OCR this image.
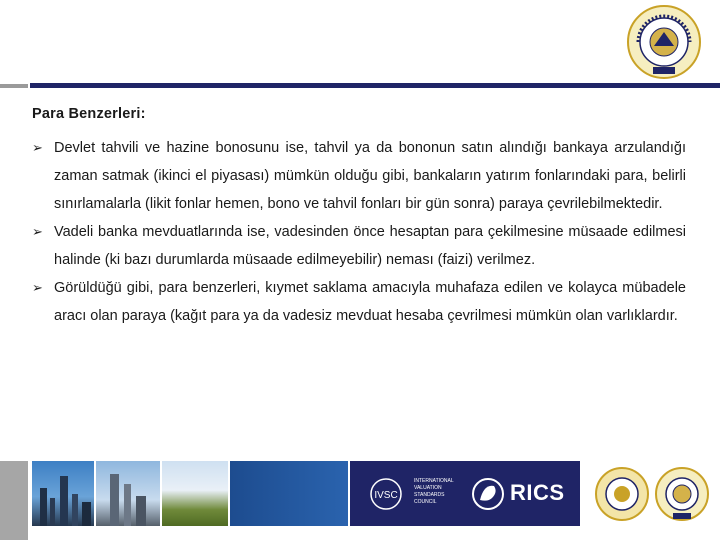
Para Benzerleri:

➢ Devlet tahvili ve hazine bonosunu ise, tahvil ya da bononun satın alındığı bankaya arzulandığı zaman satmak (ikinci el piyasası) mümkün olduğu gibi, bankaların yatırım fonlarındaki para, belirli sınırlamalarla (likit fonlar hemen, bono ve tahvil fonları bir gün sonra) paraya çevrilebilmektedir.
➢ Vadeli banka mevduatlarında ise, vadesinden önce hesaptan para çekilmesine müsaade edilmesi halinde (ki bazı durumlarda müsaade edilmeyebilir) neması (faizi) verilmez.
➢ Görüldüğü gibi, para benzerleri, kıymet saklama amacıyla muhafaza edilen ve kolayca mübadele aracı olan paraya (kağıt para ya da vadesiz mevduat hesaba çevrilmesi mümkün olan varlıklardır.
IVSC
INTERNATIONAL VALUATION STANDARDS COUNCIL	RICS
